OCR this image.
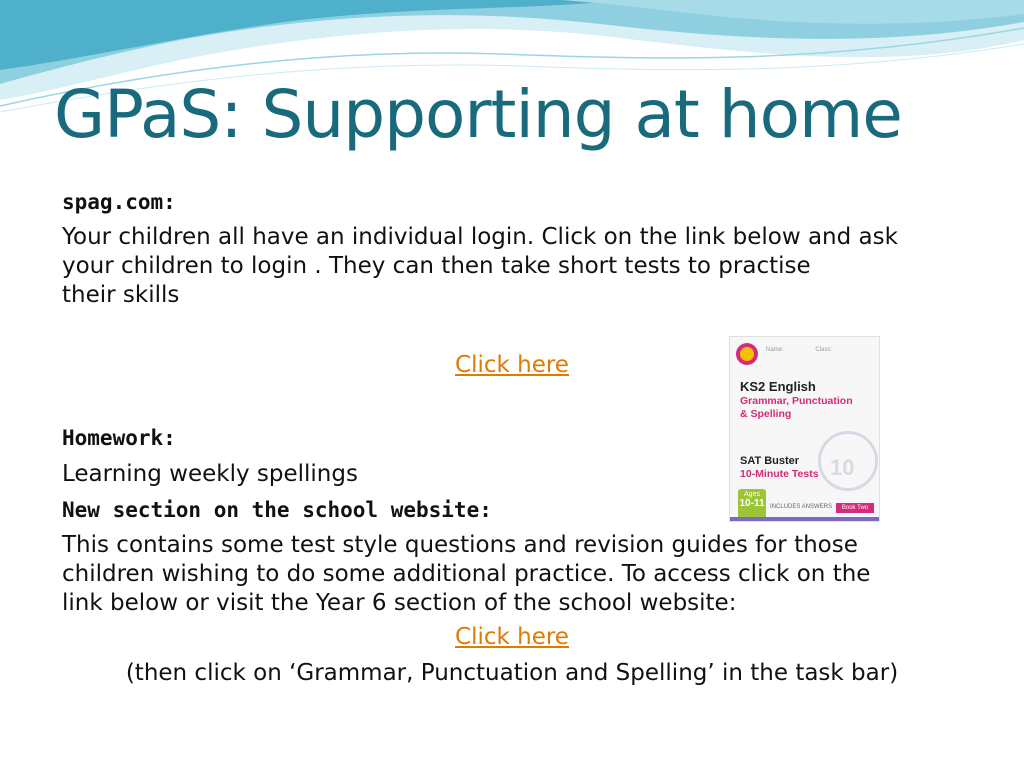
GPaS: Supporting at home
spag.com:
Your children all have an individual login. Click on the link below and ask
your children to login . They can then take short tests to practise
their skills
Click here
Homework:
Learning weekly spellings
New section on the school website:
This contains some test style questions and revision guides for those
children wishing to do some additional practice. To access click on the
link below or visit the Year 6 section of the school website:
Click here
(then click on ‘Grammar, Punctuation and Spelling’ in the task bar)
Name:	Class:
KS2 English
Grammar, Punctuation
& Spelling
10
SAT Buster
10-Minute Tests
Ages
10-11 INCLUDES ANSWERS	Book Two
